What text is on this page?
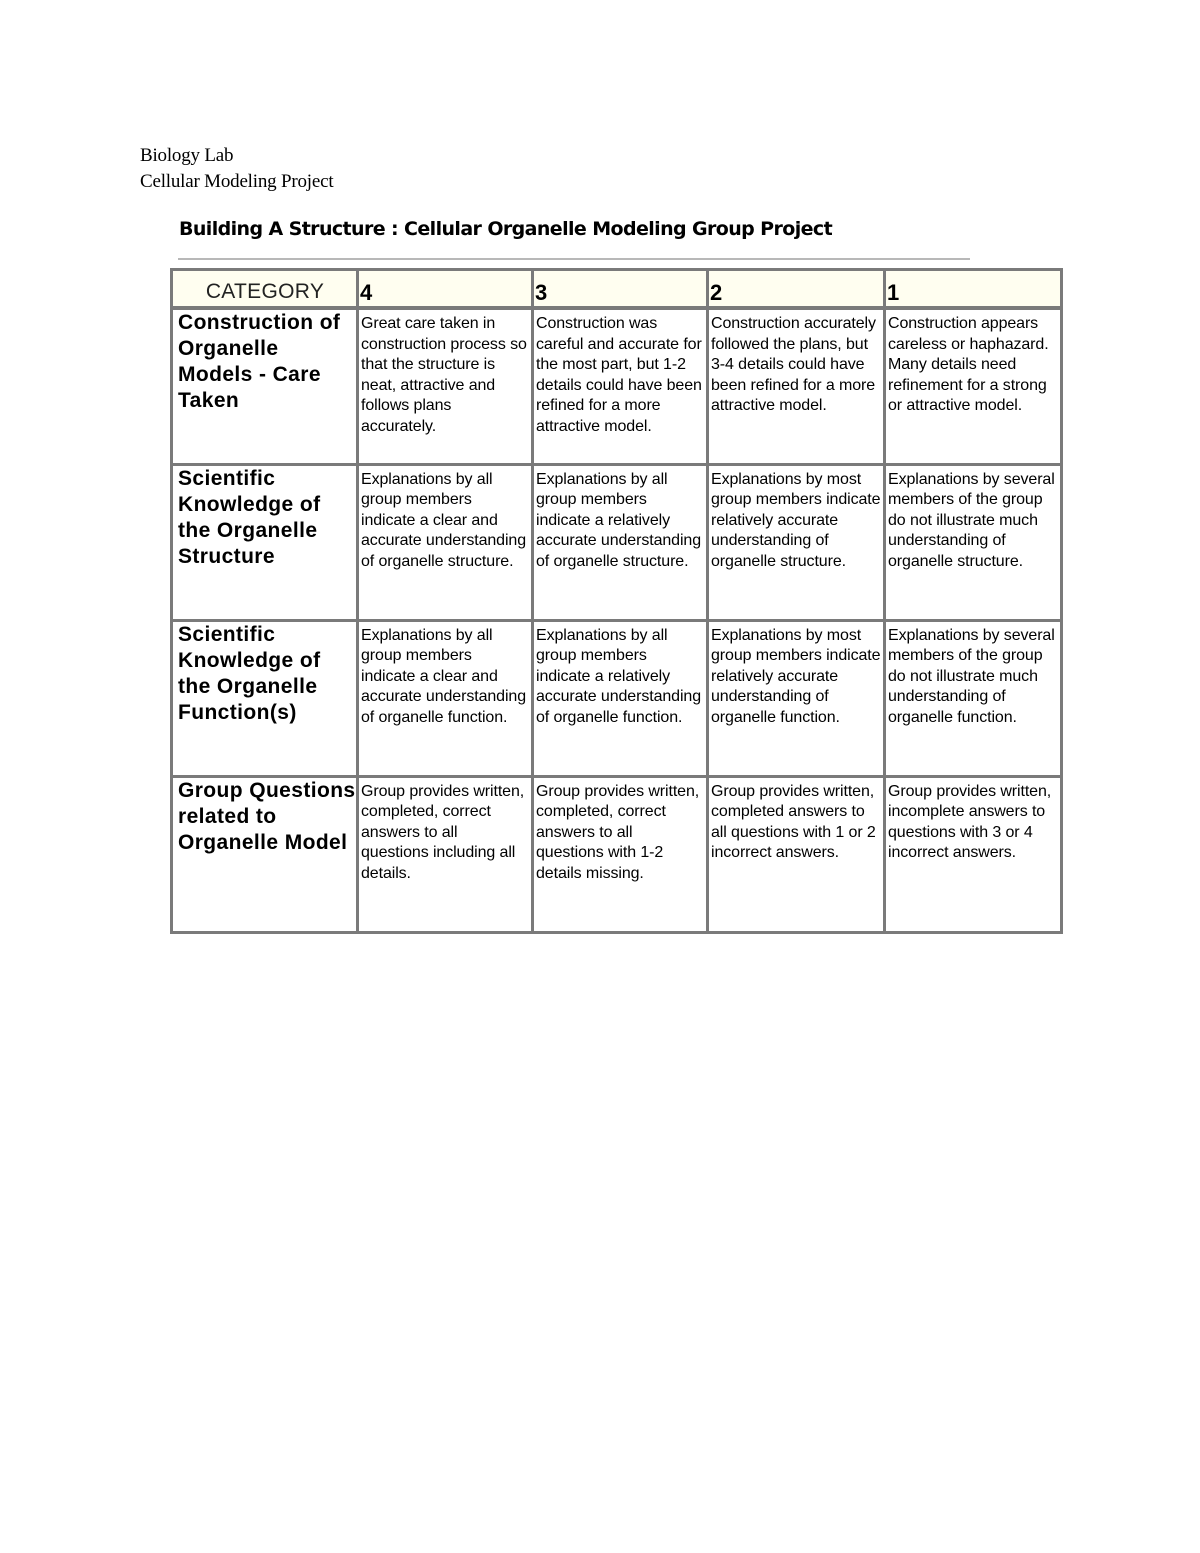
Biology Lab
Cellular Modeling Project
Building A Structure : Cellular Organelle Modeling Group Project
CATEGORY	4	3	2	1
Construction of Organelle Models - Care Taken	Great care taken in construction process so that the structure is neat, attractive and follows plans accurately.	Construction was careful and accurate for the most part, but 1-2 details could have been refined for a more attractive model.	Construction accurately followed the plans, but 3-4 details could have been refined for a more attractive model.	Construction appears careless or haphazard. Many details need refinement for a strong or attractive model.
Scientific Knowledge of the Organelle Structure	Explanations by all group members indicate a clear and accurate understanding of organelle structure.	Explanations by all group members indicate a relatively accurate understanding of organelle structure.	Explanations by most group members indicate relatively accurate understanding of organelle structure.	Explanations by several members of the group do not illustrate much understanding of organelle structure.
Scientific Knowledge of the Organelle Function(s)	Explanations by all group members indicate a clear and accurate understanding of organelle function.	Explanations by all group members indicate a relatively accurate understanding of organelle function.	Explanations by most group members indicate relatively accurate understanding of organelle function.	Explanations by several members of the group do not illustrate much understanding of organelle function.
Group Questions related to Organelle Model	Group provides written, completed, correct answers to all questions including all details.	Group provides written, completed, correct answers to all questions with 1-2 details missing.	Group provides written, completed answers to all questions with 1 or 2 incorrect answers.	Group provides written, incomplete answers to questions with 3 or 4 incorrect answers.
